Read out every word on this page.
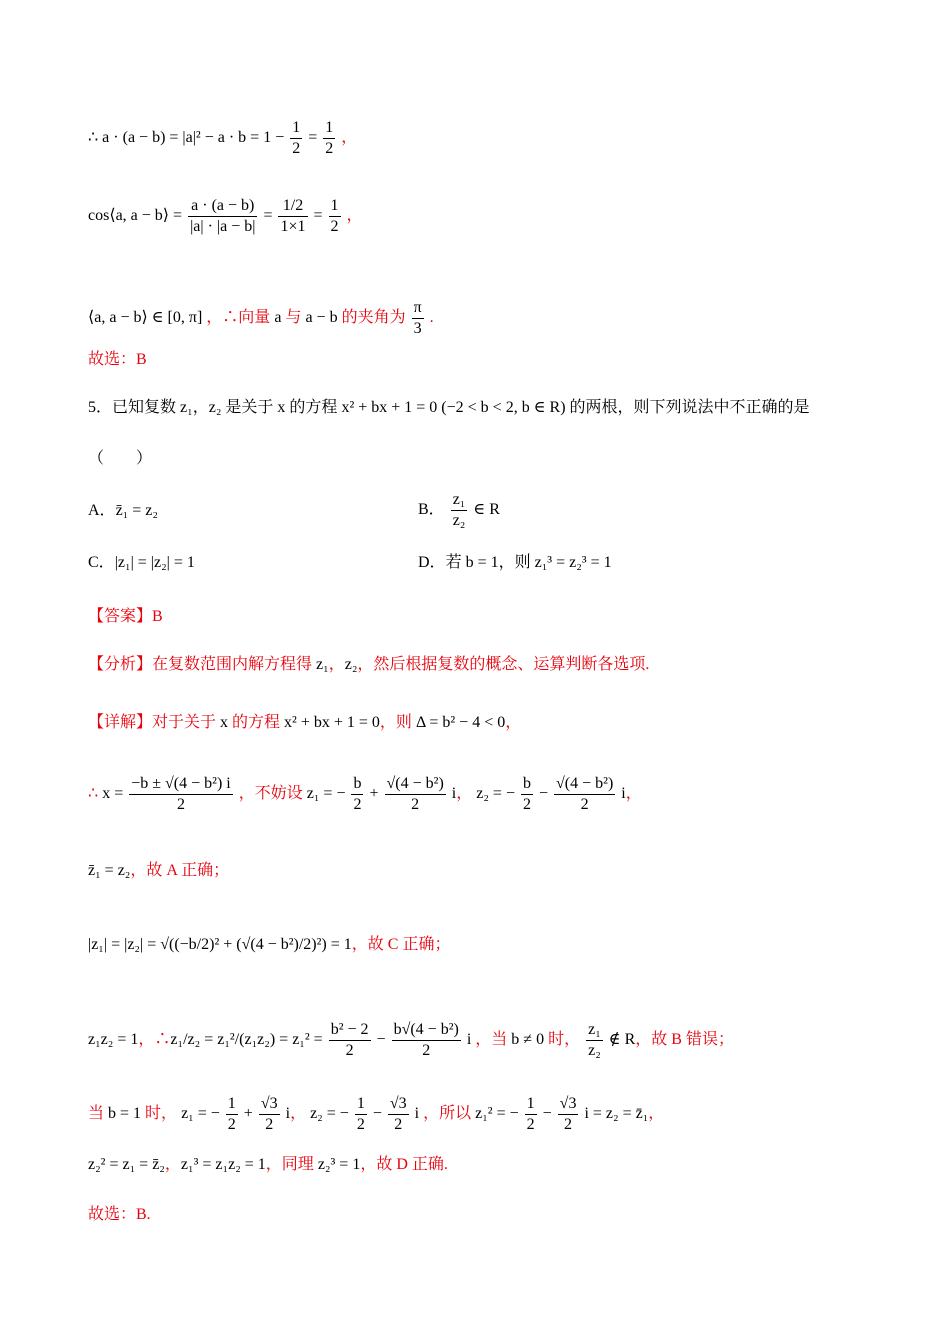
∴ $a \cdot (a - b) = |a|^2 - a \cdot b = 1 - \frac{1}{2} = \frac{1}{2}$ ，
cos⟨a, a − b⟩ = $\frac{a \cdot (a - b)}{|a| \cdot |a - b|} = \frac{1/2}{1\times 1} = \frac{1}{2}$ ，
⟨a, a − b⟩ ∈ [0, π] ，∴向量 a 与 a − b 的夹角为 $\frac{\pi}{3}$ .
故选：B
5．已知复数 z₁，z₂ 是关于 x 的方程 x² + bx + 1 = 0 (−2 < b < 2, b ∈ R) 的两根，则下列说法中不正确的是
（　　）
A．z̄₁ = z₂	B． $\frac{\text{z₁}}{\text{z₂}}$ ∈ R
C．|z₁| = |z₂| = 1	D．若 b = 1，则 z₁³ = z₂³ = 1
【答案】B
【分析】在复数范围内解方程得 z₁，z₂，然后根据复数的概念、运算判断各选项.
【详解】对于关于 x 的方程 x² + bx + 1 = 0，则 Δ = b² − 4 < 0，
∴ $x = \frac{\text{−b ± √(4 − b²) i}}{2}$ ，不妨设 z₁ = − $\frac{b}{2} + \frac{\text{√(4 − b²)}}{2}$ i， z₂ = − $\frac{b}{2} - \frac{\text{√(4 − b²)}}{2}$ i，
z̄₁ = z₂，故 A 正确；
|z₁| = |z₂| = √((−b/2)² + (√(4 − b²)/2)²) = 1，故 C 正确；
z₁z₂ = 1，∴z₁/z₂ = $z_1^2/(z_1z_2) = z_1^2 = \frac{\text{b² − 2}}{2} - \frac{\text{b√(4 − b²)}}{2}$ i ，当 b ≠ 0 时， $\frac{\text{z₁}}{\text{z₂}}$ ∉ R，故 B 错误；
当 b = 1 时， z₁ = − $\frac{1}{2} + \frac{√3}{2}$ i， z₂ = − $\frac{1}{2} - \frac{√3}{2}$ i ，所以 z₁² = − $\frac{1}{2} - \frac{√3}{2}$ i = z₂ = z̄₁，
z₂² = z₁ = z̄₂，z₁³ = z₁z₂ = 1，同理 z₂³ = 1，故 D 正确.
故选：B.
